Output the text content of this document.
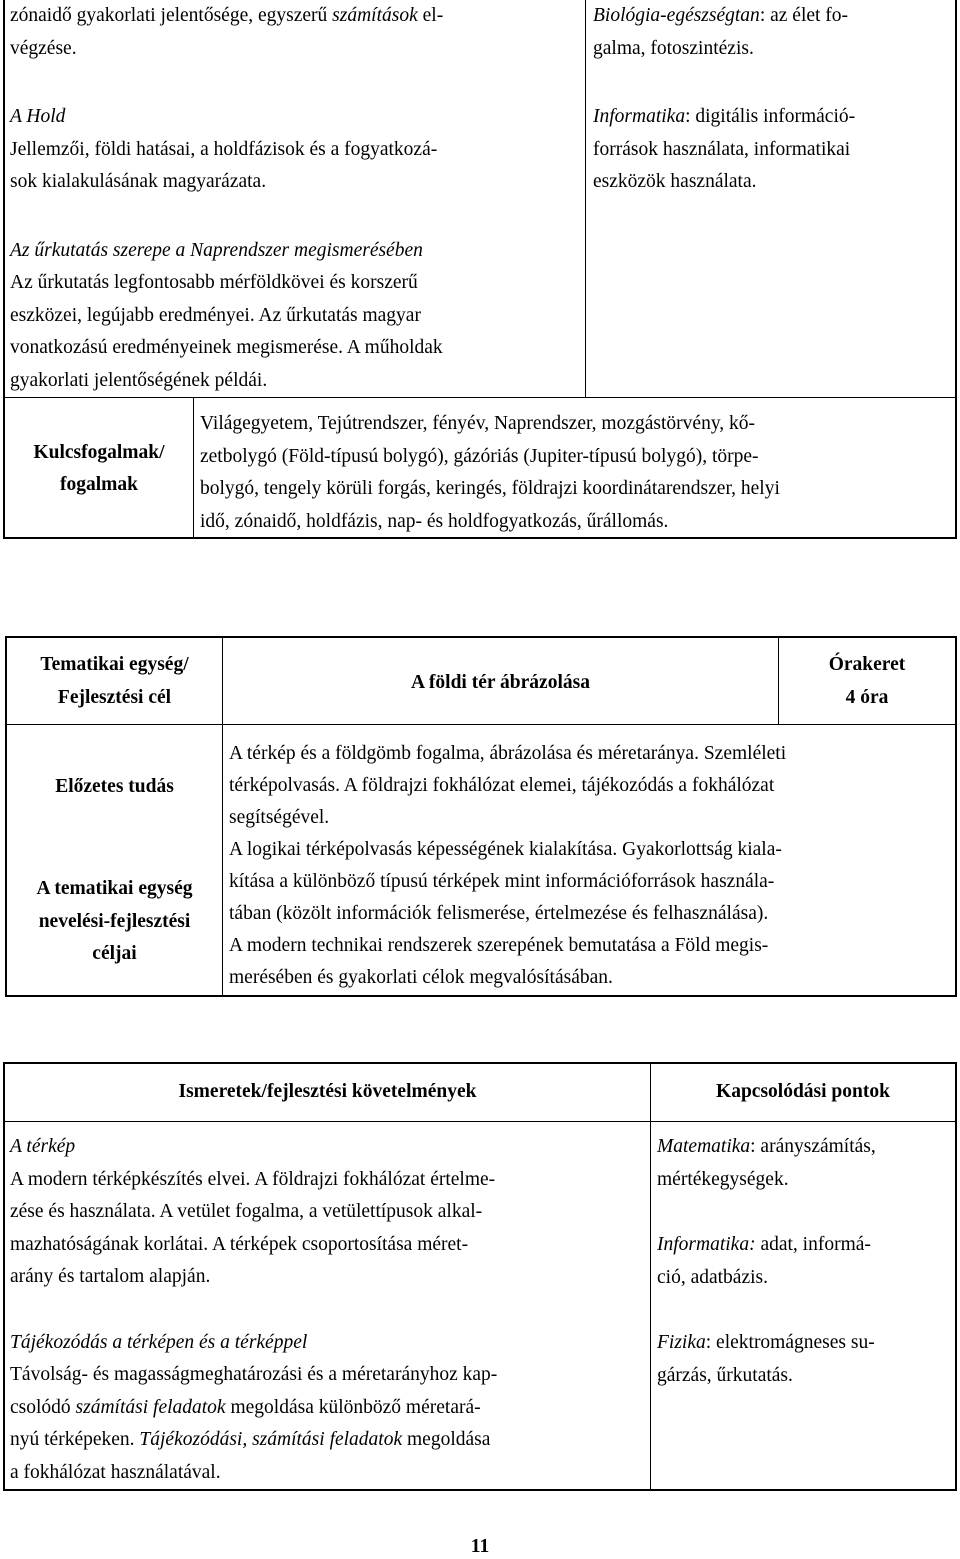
zónaidő gyakorlati jelentősége, egyszerű számítások el-
végzése.

A Hold
Jellemzői, földi hatásai, a holdfázisok és a fogyatkozá-
sok kialakulásának magyarázata.

Az űrkutatás szerepe a Naprendszer megismerésében
Az űrkutatás legfontosabb mérföldkövei és korszerű
eszközei, legújabb eredményei. Az űrkutatás magyar
vonatkozású eredményeinek megismerése. A műholdak
gyakorlati jelentőségének példái.

Biológia-egészségtan: az élet fo-
galma, fotoszintézis.

Informatika: digitális információ-
források használata, informatikai
eszközök használata.

Kulcsfogalmak/
fogalmak
Világegyetem, Tejútrendszer, fényév, Naprendszer, mozgástörvény, kő-
zetbolygó (Föld-típusú bolygó), gázóriás (Jupiter-típusú bolygó), törpe-
bolygó, tengely körüli forgás, keringés, földrajzi koordinátarendszer, helyi
idő, zónaidő, holdfázis, nap- és holdfogyatkozás, űrállomás.
Tematikai egység/
Fejlesztési cél
A földi tér ábrázolása
Órakeret
4 óra
Előzetes tudás
A tematikai egység
nevelési-fejlesztési
céljai
A térkép és a földgömb fogalma, ábrázolása és méretaránya. Szemléleti
térképolvasás. A földrajzi fokhálózat elemei, tájékozódás a fokhálózat
segítségével.
A logikai térképolvasás képességének kialakítása. Gyakorlottság kiala-
kítása a különböző típusú térképek mint információforrások használa-
tában (közölt információk felismerése, értelmezése és felhasználása).
A modern technikai rendszerek szerepének bemutatása a Föld megis-
merésében és gyakorlati célok megvalósításában.
Ismeretek/fejlesztési követelmények	Kapcsolódási pontok

A térkép
A modern térképkészítés elvei. A földrajzi fokhálózat értelme-
zése és használata. A vetület fogalma, a vetülettípusok alkal-
mazhatóságának korlátai. A térképek csoportosítása méret-
arány és tartalom alapján.

Tájékozódás a térképen és a térképpel
Távolság- és magasságmeghatározási és a méretarányhoz kap-
csolódó számítási feladatok megoldása különböző méretará-
nyú térképeken. Tájékozódási, számítási feladatok megoldása
a fokhálózat használatával.

Matematika: arányszámítás,
mértékegységek.

Informatika: adat, informá-
ció, adatbázis.

Fizika: elektromágneses su-
gárzás, űrkutatás.

11
